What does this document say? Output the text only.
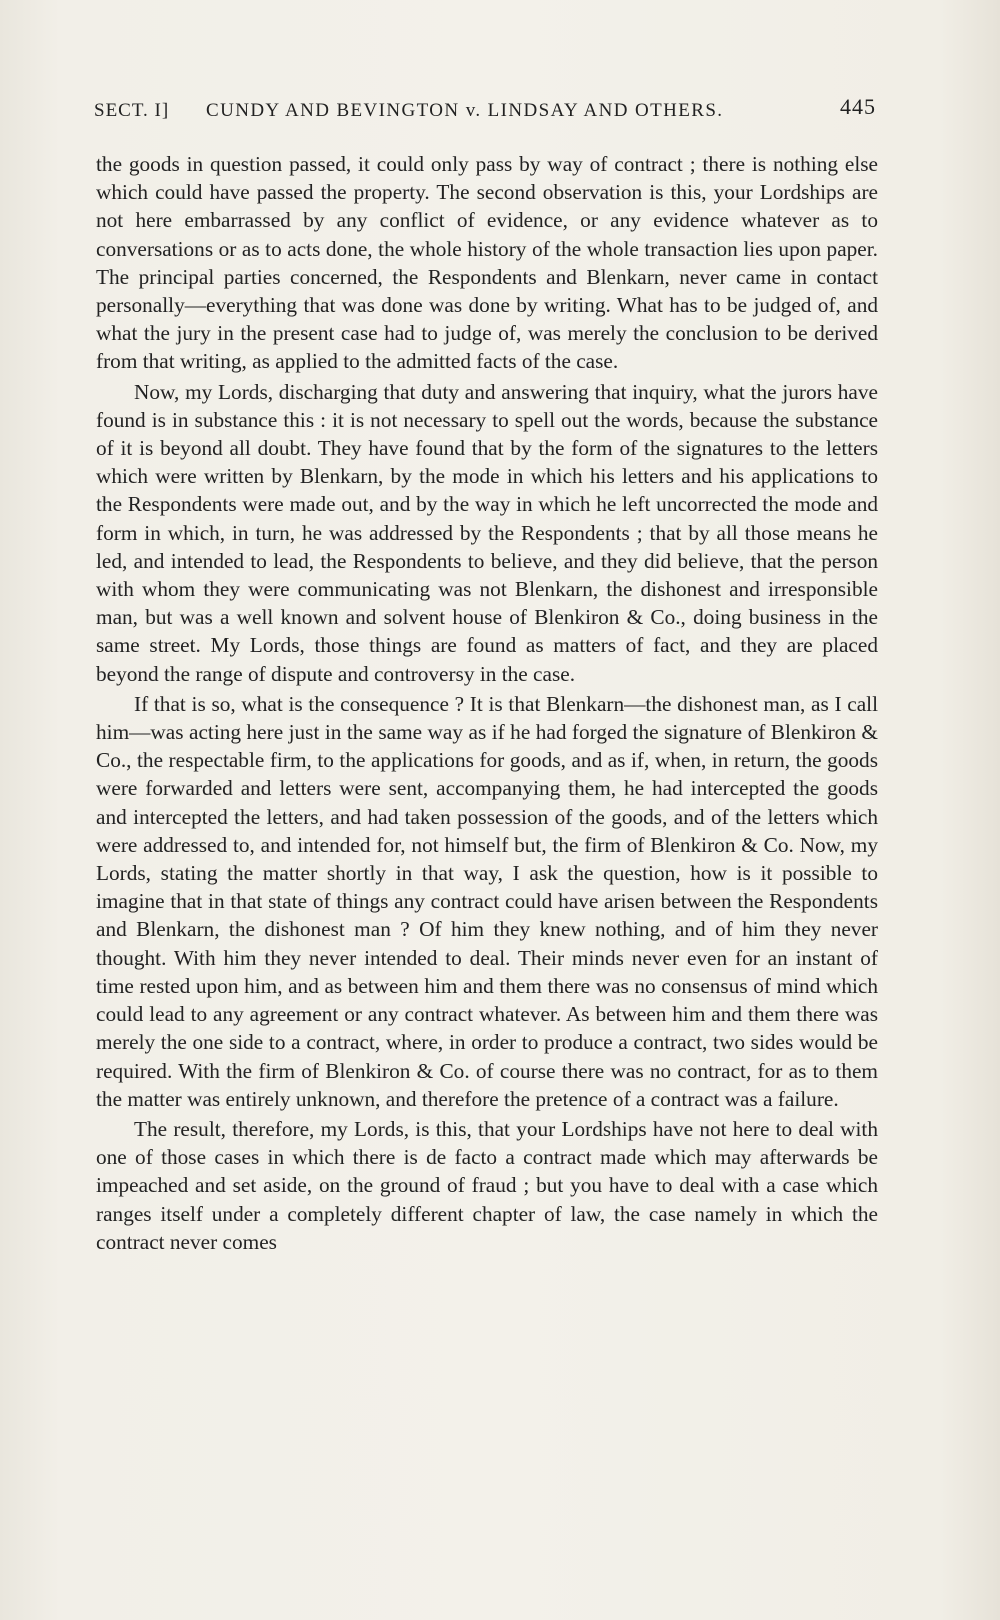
SECT. I] CUNDY AND BEVINGTON v. LINDSAY AND OTHERS.	445

the goods in question passed, it could only pass by way of contract ; there is nothing else which could have passed the property. The second observation is this, your Lordships are not here embarrassed by any conflict of evidence, or any evidence whatever as to conversations or as to acts done, the whole history of the whole transaction lies upon paper. The principal parties concerned, the Respondents and Blenkarn, never came in contact personally—everything that was done was done by writing. What has to be judged of, and what the jury in the present case had to judge of, was merely the conclusion to be derived from that writing, as applied to the admitted facts of the case.

Now, my Lords, discharging that duty and answering that inquiry, what the jurors have found is in substance this : it is not necessary to spell out the words, because the substance of it is beyond all doubt. They have found that by the form of the signatures to the letters which were written by Blenkarn, by the mode in which his letters and his applications to the Respondents were made out, and by the way in which he left uncorrected the mode and form in which, in turn, he was addressed by the Respondents ; that by all those means he led, and intended to lead, the Respondents to believe, and they did believe, that the person with whom they were communicating was not Blenkarn, the dishonest and irresponsible man, but was a well known and solvent house of Blenkiron & Co., doing business in the same street. My Lords, those things are found as matters of fact, and they are placed beyond the range of dispute and controversy in the case.

If that is so, what is the consequence ? It is that Blenkarn—the dishonest man, as I call him—was acting here just in the same way as if he had forged the signature of Blenkiron & Co., the respectable firm, to the applications for goods, and as if, when, in return, the goods were forwarded and letters were sent, accompanying them, he had intercepted the goods and intercepted the letters, and had taken possession of the goods, and of the letters which were addressed to, and intended for, not himself but, the firm of Blenkiron & Co. Now, my Lords, stating the matter shortly in that way, I ask the question, how is it possible to imagine that in that state of things any contract could have arisen between the Respondents and Blenkarn, the dishonest man ? Of him they knew nothing, and of him they never thought. With him they never intended to deal. Their minds never even for an instant of time rested upon him, and as between him and them there was no consensus of mind which could lead to any agreement or any contract whatever. As between him and them there was merely the one side to a contract, where, in order to produce a contract, two sides would be required. With the firm of Blenkiron & Co. of course there was no contract, for as to them the matter was entirely unknown, and therefore the pretence of a contract was a failure.

The result, therefore, my Lords, is this, that your Lordships have not here to deal with one of those cases in which there is de facto a contract made which may afterwards be impeached and set aside, on the ground of fraud ; but you have to deal with a case which ranges itself under a completely different chapter of law, the case namely in which the contract never comes
